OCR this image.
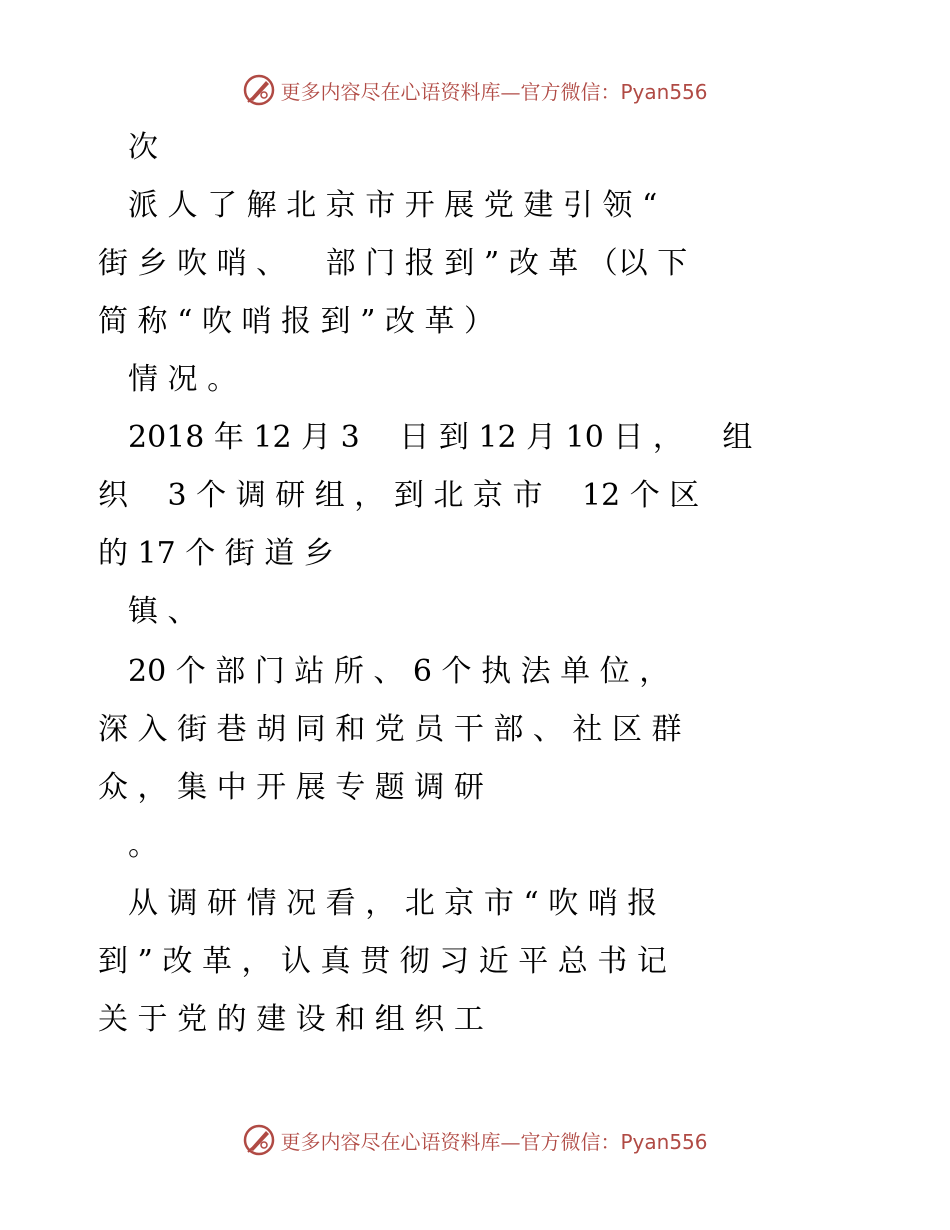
更多内容尽在心语资料库—官方微信：Pyan556
　次
　派 人 了 解 北 京 市 开 展 党 建 引 领 “
街 乡 吹 哨 、 　部 门 报 到 ” 改 革 （以 下
简 称 “ 吹 哨 报 到 ” 改 革 ）
　情 况 。
　2018 年 12 月 3 　日 到 12 月 10 日 ， 　组
织 　3 个 调 研 组 ， 到 北 京 市 　12 个 区
的 17 个 街 道 乡
　镇 、
　20 个 部 门 站 所 、 6 个 执 法 单 位 ，
深 入 街 巷 胡 同 和 党 员 干 部 、 社 区 群
众 ， 集 中 开 展 专 题 调 研
　。
　从 调 研 情 况 看 ， 北 京 市 “ 吹 哨 报
到 ” 改 革 ， 认 真 贯 彻 习 近 平 总 书 记
关 于 党 的 建 设 和 组 织 工
更多内容尽在心语资料库—官方微信：Pyan556
